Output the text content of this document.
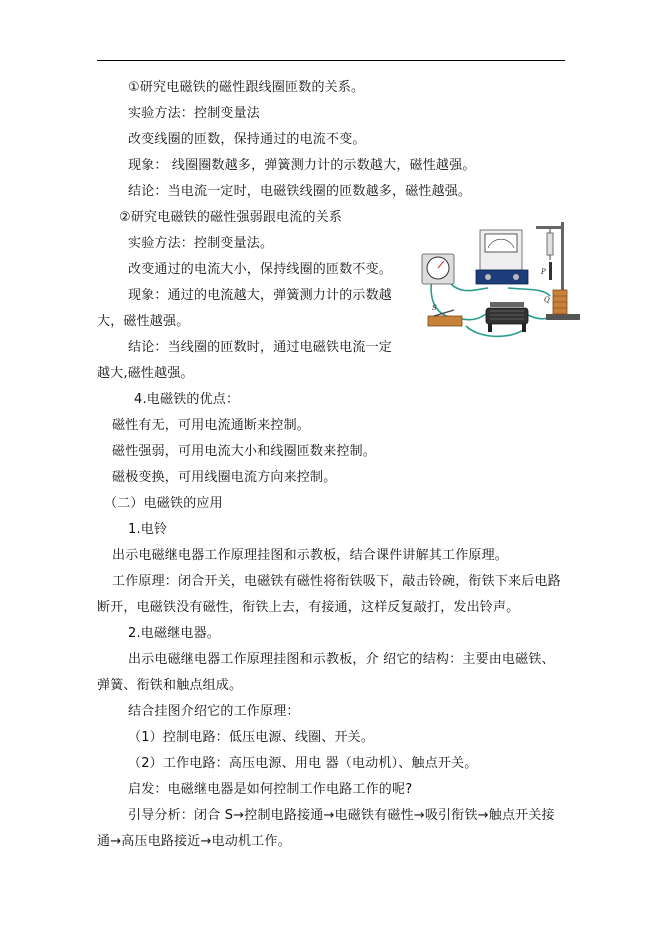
①研究电磁铁的磁性跟线圈匝数的关系。
实验方法：控制变量法
改变线圈的匝数，保持通过的电流不变。
现象： 线圈圈数越多，弹簧测力计的示数越大，磁性越强。
结论：当电流一定时，电磁铁线圈的匝数越多，磁性越强。
②研究电磁铁的磁性强弱跟电流的关系
实验方法：控制变量法。
改变通过的电流大小，保持线圈的匝数不变。
现象：通过的电流越大，弹簧测力计的示数越
大，磁性越强。
结论：当线圈的匝数时，通过电磁铁电流一定
越大,磁性越强。
4.电磁铁的优点：
磁性有无，可用电流通断来控制。
磁性强弱，可用电流大小和线圈匝数来控制。
磁极变换，可用线圈电流方向来控制。
（二）电磁铁的应用
1.电铃
出示电磁继电器工作原理挂图和示教板，结合课件讲解其工作原理。
工作原理：闭合开关，电磁铁有磁性将衔铁吸下，敲击铃碗，衔铁下来后电路
断开，电磁铁没有磁性，衔铁上去，有接通，这样反复敲打，发出铃声。
2.电磁继电器。
出示电磁继电器工作原理挂图和示教板，介 绍它的结构：主要由电磁铁、
弹簧、衔铁和触点组成。
结合挂图介绍它的工作原理：
（1）控制电路：低压电源、线圈、开关。
（2）工作电路：高压电源、用电 器（电动机）、触点开关。
启发：电磁继电器是如何控制工作电路工作的呢?
引导分析：闭合 S→控制电路接通→电磁铁有磁性→吸引衔铁→触点开关接
通→高压电路接近→电动机工作。
P
Q
S
